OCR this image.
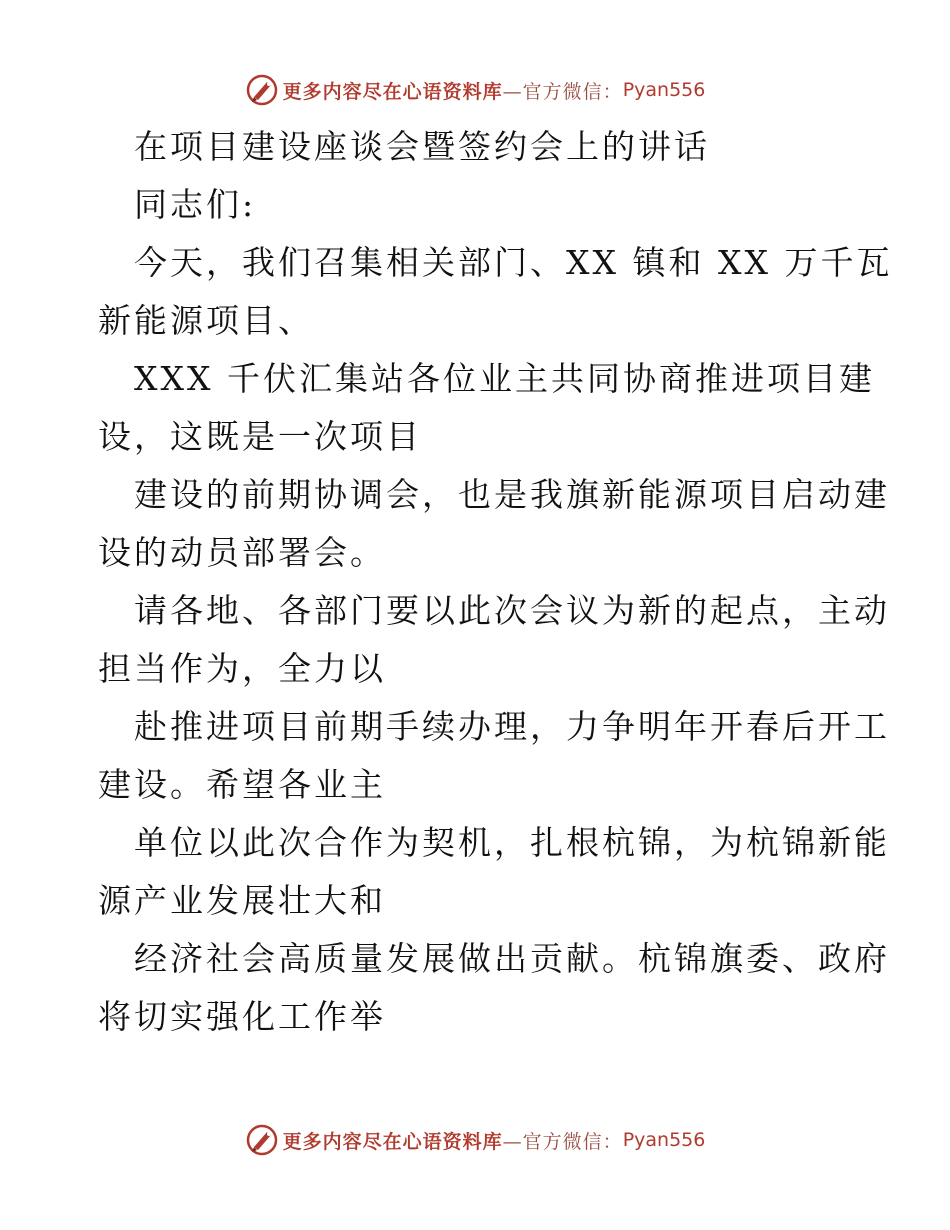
更多内容尽在心语资料库 —官方微信： Pyan556
在项目建设座谈会暨签约会上的讲话
同志们:
今天，我们召集相关部门、XX 镇和 XX 万千瓦
新能源项目、
XXX 千伏汇集站各位业主共同协商推进项目建
设，这既是一次项目
建设的前期协调会，也是我旗新能源项目启动建
设的动员部署会。
请各地、各部门要以此次会议为新的起点，主动
担当作为，全力以
赴推进项目前期手续办理，力争明年开春后开工
建设。希望各业主
单位以此次合作为契机，扎根杭锦，为杭锦新能
源产业发展壮大和
经济社会高质量发展做出贡献。杭锦旗委、政府
将切实强化工作举
更多内容尽在心语资料库 —官方微信： Pyan556
